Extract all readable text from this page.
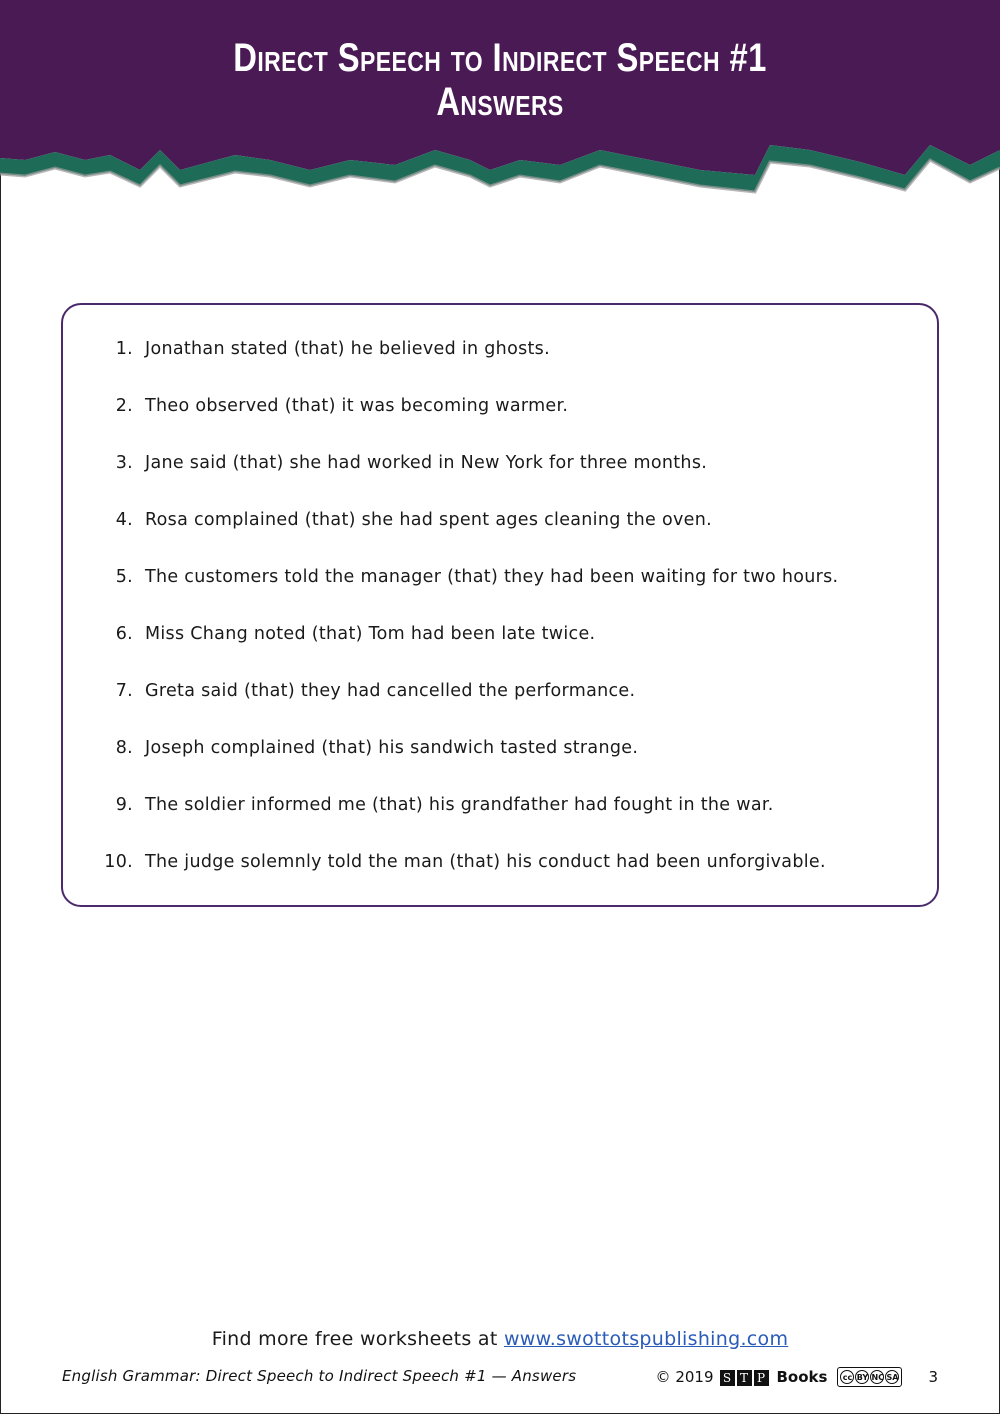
Direct Speech to Indirect Speech #1
Answers
1. Jonathan stated (that) he believed in ghosts.
2. Theo observed (that) it was becoming warmer.
3. Jane said (that) she had worked in New York for three months.
4. Rosa complained (that) she had spent ages cleaning the oven.
5. The customers told the manager (that) they had been waiting for two hours.
6. Miss Chang noted (that) Tom had been late twice.
7. Greta said (that) they had cancelled the performance.
8. Joseph complained (that) his sandwich tasted strange.
9. The soldier informed me (that) his grandfather had fought in the war.
10. The judge solemnly told the man (that) his conduct had been unforgivable.
Find more free worksheets at www.swottotspublishing.com
English Grammar: Direct Speech to Indirect Speech #1 — Answers	© 2019 S T P Books cc BY NC SA 3
